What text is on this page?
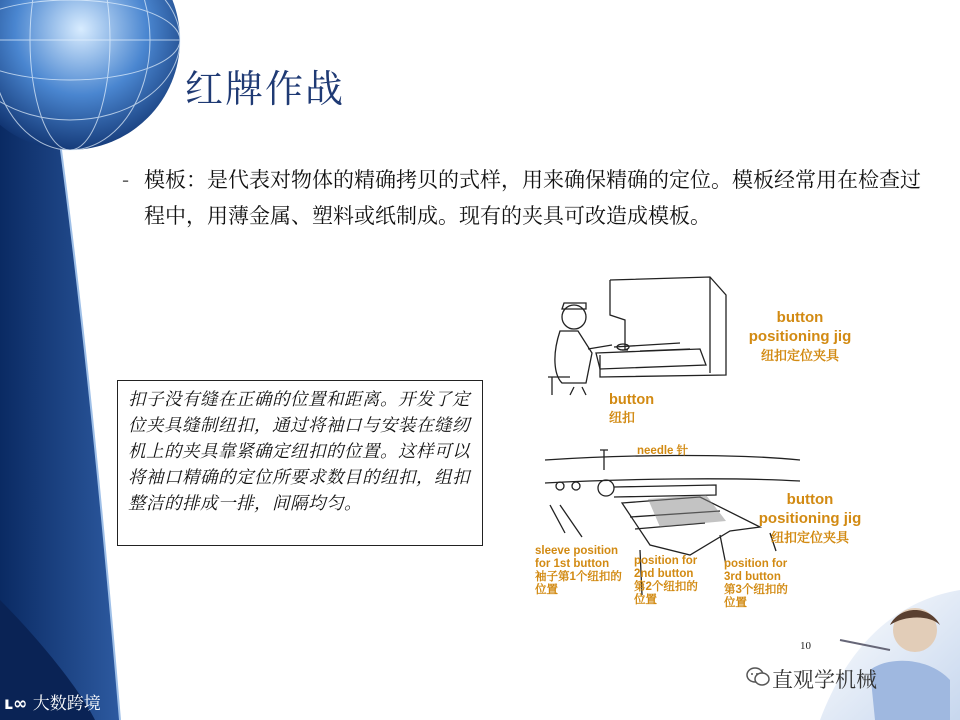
红牌作战
- 模板：是代表对物体的精确拷贝的式样，用来确保精确的定位。模板经常用在检查过程中，用薄金属、塑料或纸制成。现有的夹具可改造成模板。
扣子没有缝在正确的位置和距离。开发了定位夹具缝制纽扣，通过将袖口与安装在缝纫机上的夹具靠紧确定纽扣的位置。这样可以将袖口精确的定位所要求数目的纽扣，组扣整洁的排成一排，间隔均匀。
button positioning jig
纽扣定位夹具
button
纽扣
needle 针
button positioning jig
纽扣定位夹具
sleeve position for 1st button
袖子第1个纽扣的位置
position for 2nd button
第2个纽扣的位置
position for 3rd button
第3个纽扣的位置
10
直观学机械
ʟ∞ 大数跨境
